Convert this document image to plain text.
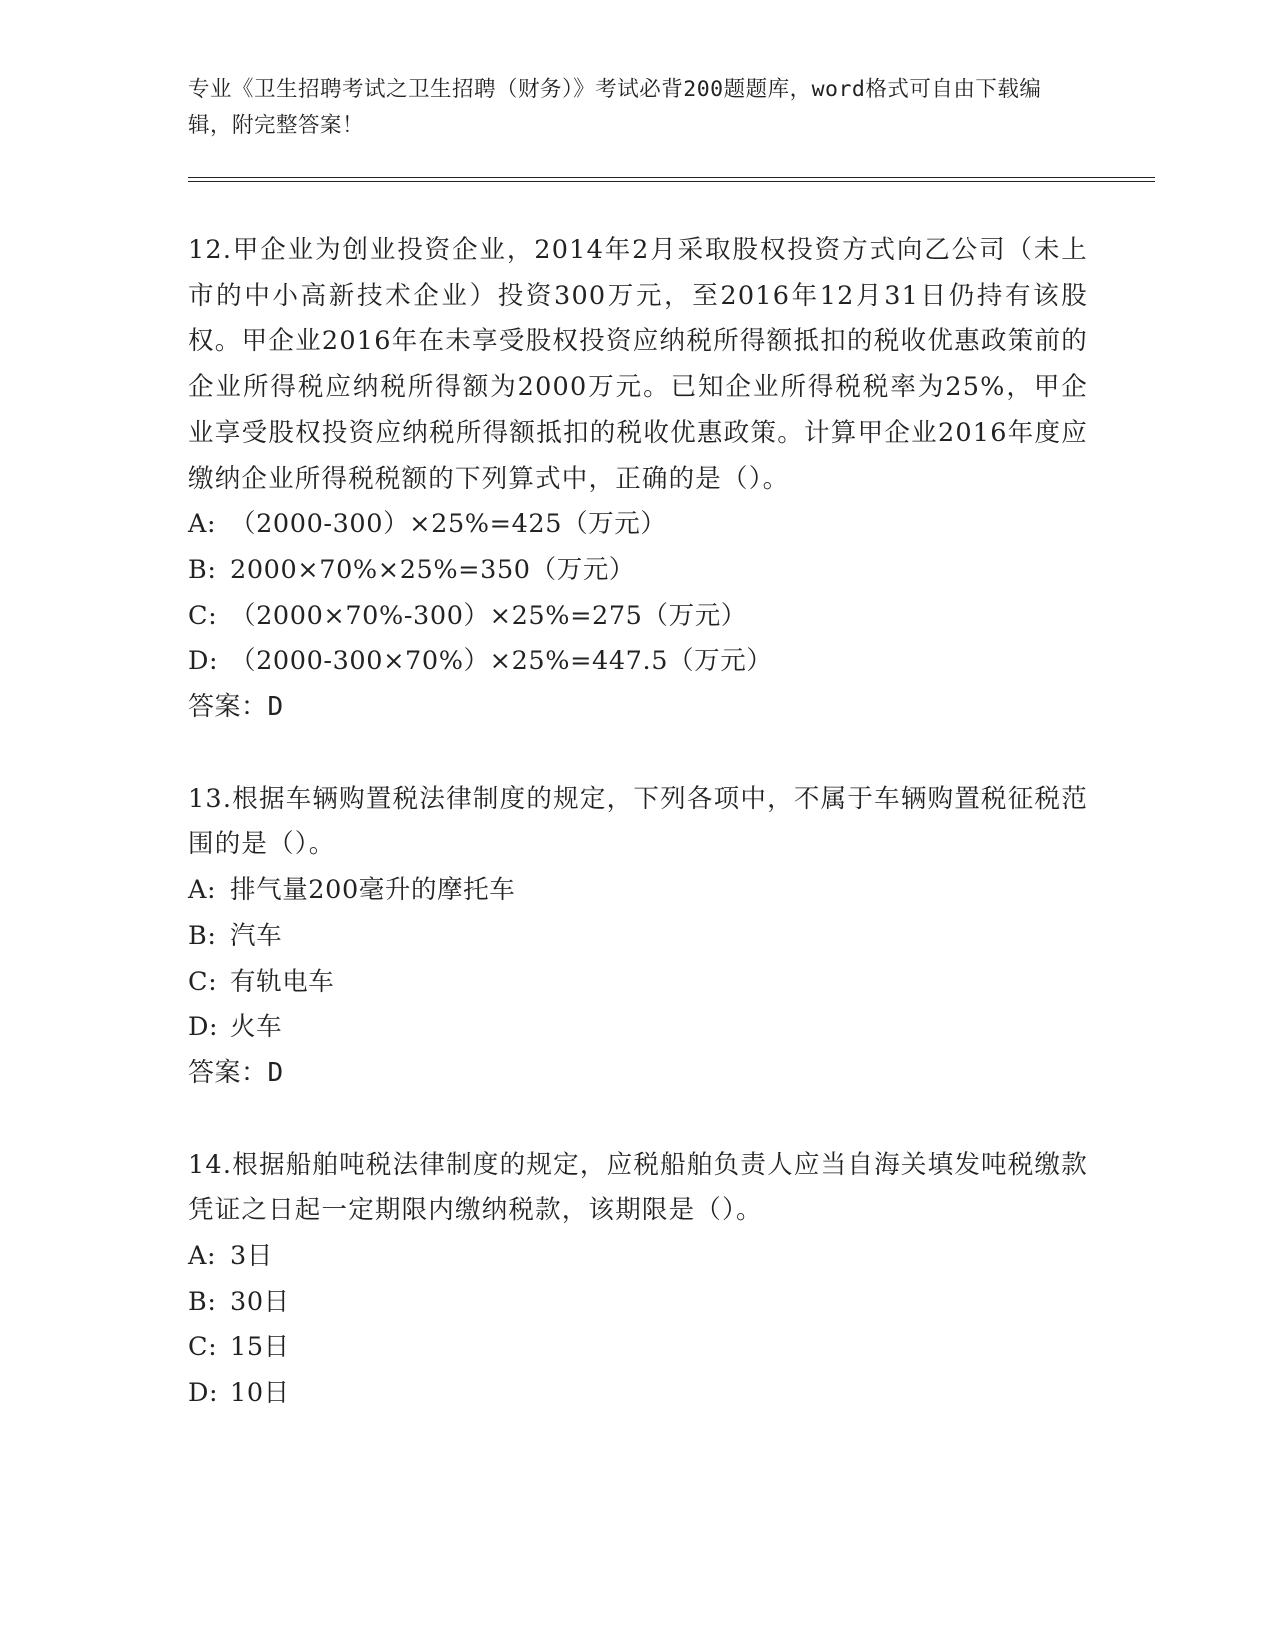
专业《卫生招聘考试之卫生招聘（财务）》考试必背200题题库，word格式可自由下载编辑，附完整答案！
12.甲企业为创业投资企业，2014年2月采取股权投资方式向乙公司（未上市的中小高新技术企业）投资300万元，至2016年12月31日仍持有该股权。甲企业2016年在未享受股权投资应纳税所得额抵扣的税收优惠政策前的企业所得税应纳税所得额为2000万元。已知企业所得税税率为25%，甲企业享受股权投资应纳税所得额抵扣的税收优惠政策。计算甲企业2016年度应缴纳企业所得税税额的下列算式中，正确的是（）。
A: （2000-300）×25%=425（万元）
B: 2000×70%×25%=350（万元）
C: （2000×70%-300）×25%=275（万元）
D: （2000-300×70%）×25%=447.5（万元）
答案：D
13.根据车辆购置税法律制度的规定，下列各项中，不属于车辆购置税征税范围的是（）。
A: 排气量200毫升的摩托车
B: 汽车
C: 有轨电车
D: 火车
答案：D
14.根据船舶吨税法律制度的规定，应税船舶负责人应当自海关填发吨税缴款凭证之日起一定期限内缴纳税款，该期限是（）。
A: 3日
B: 30日
C: 15日
D: 10日
